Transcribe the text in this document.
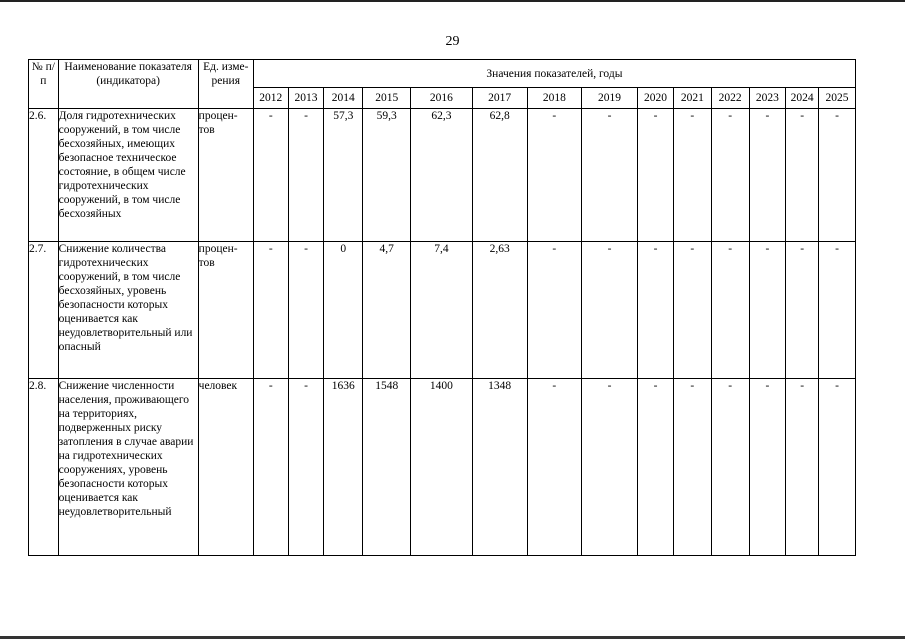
29
№ п/п	Наименование показателя (индикатора)	Ед. изме-рения	Значения показателей, годы													
			2012	2013	2014	2015	2016	2017	2018	2019	2020	2021	2022	2023	2024	2025
2.6.	Доля гидротехнических сооружений, в том числе бесхозяйных, имеющих безопасное техническое состояние, в общем числе гидротехнических сооружений, в том числе бесхозяйных	процен-тов	-	-	57,3	59,3	62,3	62,8	-	-	-	-	-	-	-	-
2.7.	Снижение количества гидротехнических сооружений, в том числе бесхозяйных, уровень безопасности которых оценивается как неудовлетворительный или опасный	процен-тов	-	-	0	4,7	7,4	2,63	-	-	-	-	-	-	-	-
2.8.	Снижение численности населения, проживающего на территориях, подверженных риску затопления в случае аварии на гидротехнических сооружениях, уровень безопасности которых оценивается как неудовлетворительный	человек	-	-	1636	1548	1400	1348	-	-	-	-	-	-	-	-
